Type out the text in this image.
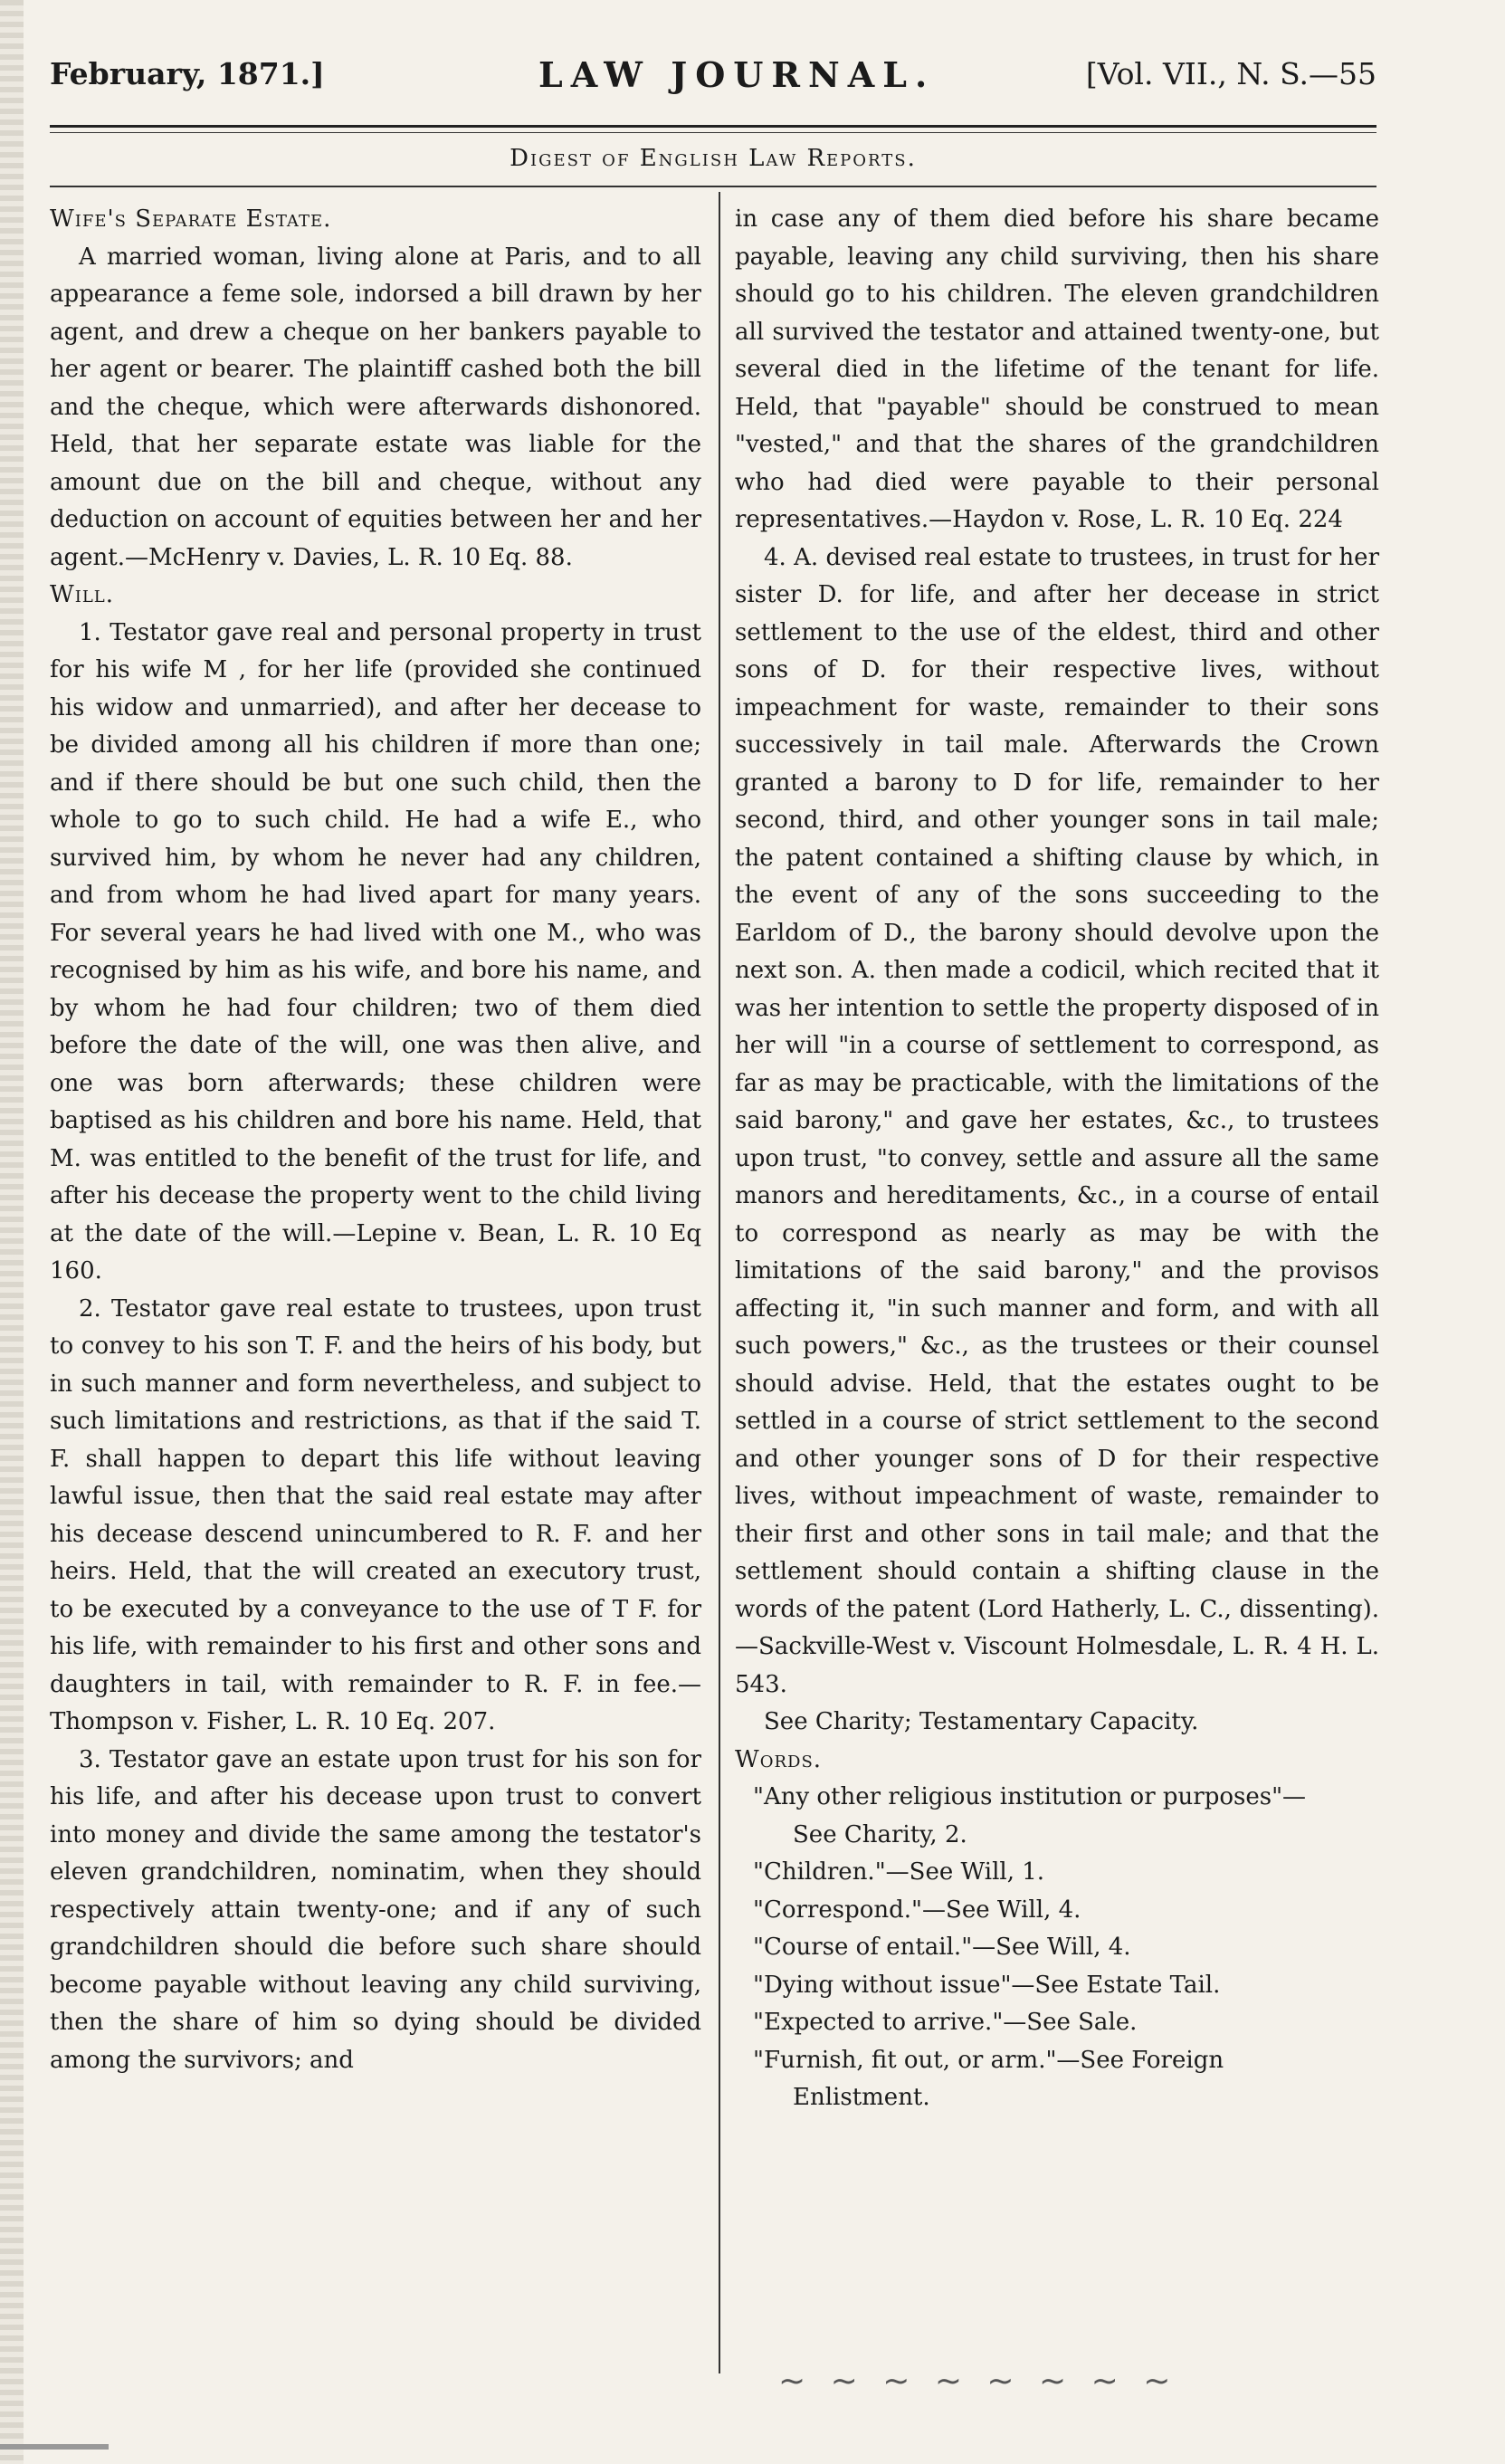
February, 1871.]	LAW JOURNAL.	[Vol. VII., N. S.—55
Digest of English Law Reports.

Wife's Separate Estate.

A married woman, living alone at Paris, and to all appearance a feme sole, indorsed a bill drawn by her agent, and drew a cheque on her bankers payable to her agent or bearer. The plaintiff cashed both the bill and the cheque, which were afterwards dishonored. Held, that her separate estate was liable for the amount due on the bill and cheque, without any deduction on account of equities between her and her agent.—McHenry v. Davies, L. R. 10 Eq. 88.

Will.

1. Testator gave real and personal property in trust for his wife M , for her life (provided she continued his widow and unmarried), and after her decease to be divided among all his children if more than one; and if there should be but one such child, then the whole to go to such child. He had a wife E., who survived him, by whom he never had any children, and from whom he had lived apart for many years. For several years he had lived with one M., who was recognised by him as his wife, and bore his name, and by whom he had four children; two of them died before the date of the will, one was then alive, and one was born afterwards; these children were baptised as his children and bore his name. Held, that M. was entitled to the benefit of the trust for life, and after his decease the property went to the child living at the date of the will.—Lepine v. Bean, L. R. 10 Eq 160.

2. Testator gave real estate to trustees, upon trust to convey to his son T. F. and the heirs of his body, but in such manner and form nevertheless, and subject to such limitations and restrictions, as that if the said T. F. shall happen to depart this life without leaving lawful issue, then that the said real estate may after his decease descend unincumbered to R. F. and her heirs. Held, that the will created an executory trust, to be executed by a conveyance to the use of T F. for his life, with remainder to his first and other sons and daughters in tail, with remainder to R. F. in fee.—Thompson v. Fisher, L. R. 10 Eq. 207.

3. Testator gave an estate upon trust for his son for his life, and after his decease upon trust to convert into money and divide the same among the testator's eleven grandchildren, nominatim, when they should respectively attain twenty-one; and if any of such grandchildren should die before such share should become payable without leaving any child surviving, then the share of him so dying should be divided among the survivors; and

in case any of them died before his share became payable, leaving any child surviving, then his share should go to his children. The eleven grandchildren all survived the testator and attained twenty-one, but several died in the lifetime of the tenant for life. Held, that "payable" should be construed to mean "vested," and that the shares of the grandchildren who had died were payable to their personal representatives.—Haydon v. Rose, L. R. 10 Eq. 224

4. A. devised real estate to trustees, in trust for her sister D. for life, and after her decease in strict settlement to the use of the eldest, third and other sons of D. for their respective lives, without impeachment for waste, remainder to their sons successively in tail male. Afterwards the Crown granted a barony to D for life, remainder to her second, third, and other younger sons in tail male; the patent contained a shifting clause by which, in the event of any of the sons succeeding to the Earldom of D., the barony should devolve upon the next son. A. then made a codicil, which recited that it was her intention to settle the property disposed of in her will "in a course of settlement to correspond, as far as may be practicable, with the limitations of the said barony," and gave her estates, &c., to trustees upon trust, "to convey, settle and assure all the same manors and hereditaments, &c., in a course of entail to correspond as nearly as may be with the limitations of the said barony," and the provisos affecting it, "in such manner and form, and with all such powers," &c., as the trustees or their counsel should advise. Held, that the estates ought to be settled in a course of strict settlement to the second and other younger sons of D for their respective lives, without impeachment of waste, remainder to their first and other sons in tail male; and that the settlement should contain a shifting clause in the words of the patent (Lord Hatherly, L. C., dissenting).—Sackville-West v. Viscount Holmesdale, L. R. 4 H. L. 543.

See Charity; Testamentary Capacity.

Words.

"Any other religious institution or purposes"—

See Charity, 2.

"Children."—See Will, 1.

"Correspond."—See Will, 4.

"Course of entail."—See Will, 4.

"Dying without issue"—See Estate Tail.

"Expected to arrive."—See Sale.

"Furnish, fit out, or arm."—See Foreign

Enlistment.

~ ~ ~ ~ ~ ~ ~ ~
